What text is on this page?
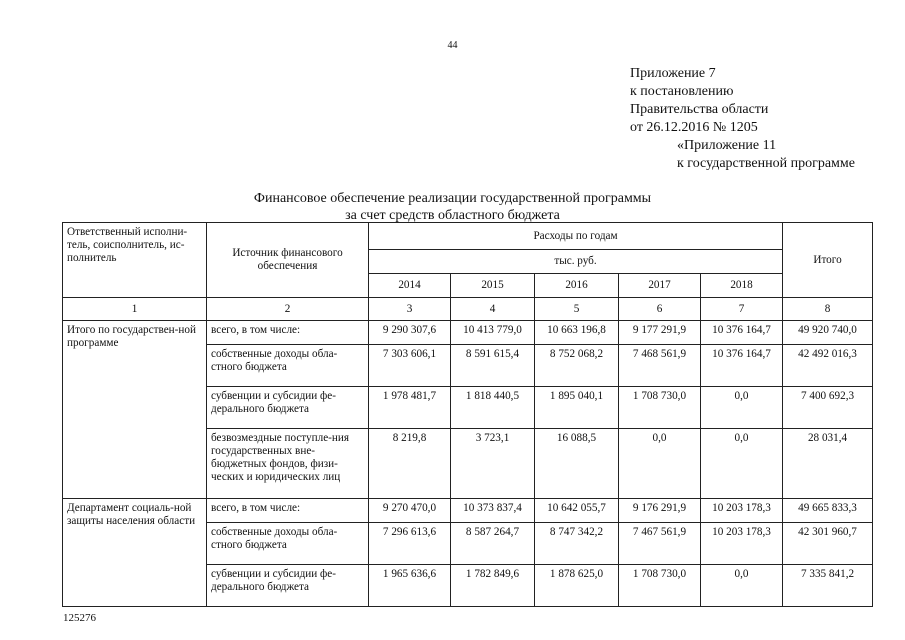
44
Приложение 7
к постановлению
Правительства области
от 26.12.2016 № 1205
«Приложение 11
к государственной программе
Финансовое обеспечение реализации государственной программы
за счет средств областного бюджета
Ответственный исполни-тель, соисполнитель, ис-полнитель	Источник финансового обеспечения	Расходы по годам					Итого
		тыс. руб.					
		2014	2015	2016	2017	2018	
1	2	3	4	5	6	7	8
Итого по государствен-ной программе	всего, в том числе:	9 290 307,6	10 413 779,0	10 663 196,8	9 177 291,9	10 376 164,7	49 920 740,0
	собственные доходы обла-стного бюджета	7 303 606,1	8 591 615,4	8 752 068,2	7 468 561,9	10 376 164,7	42 492 016,3
	субвенции и субсидии фе-дерального бюджета	1 978 481,7	1 818 440,5	1 895 040,1	1 708 730,0	0,0	7 400 692,3
	безвозмездные поступле-ния государственных вне-бюджетных фондов, физи-ческих и юридических лиц	8 219,8	3 723,1	16 088,5	0,0	0,0	28 031,4
Департамент социаль-ной защиты населения области	всего, в том числе:	9 270 470,0	10 373 837,4	10 642 055,7	9 176 291,9	10 203 178,3	49 665 833,3
	собственные доходы обла-стного бюджета	7 296 613,6	8 587 264,7	8 747 342,2	7 467 561,9	10 203 178,3	42 301 960,7
	субвенции и субсидии фе-дерального бюджета	1 965 636,6	1 782 849,6	1 878 625,0	1 708 730,0	0,0	7 335 841,2
125276
